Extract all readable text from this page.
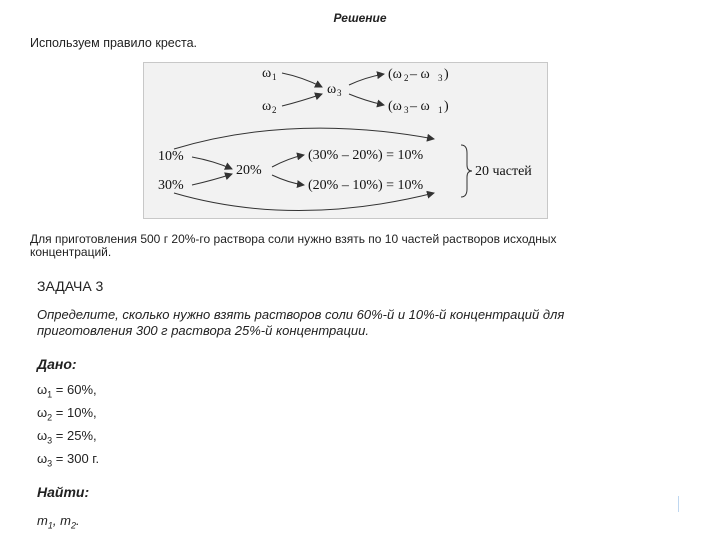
Решение
Используем правило креста.
ω 1
ω 2
ω 3
(ω 2 – ω 3 )
(ω 3 – ω 1 )
10%
30%
20%
(30% – 20%) = 10%
(20% – 10%) = 10%
20 частей
Для приготовления 500 г 20%-го раствора соли нужно взять по 10 частей растворов исходных концентраций.
ЗАДАЧА 3
Определите, сколько нужно взять растворов соли 60%-й и 10%-й концентраций для приготовления 300 г раствора 25%-й концентрации.
Дано:
$\omega_1 = 60\%$,
$\omega_2 = 10\%$,
$\omega_3 = 25\%$,
$\omega_3 = 300$ г.
Найти:
$m_1$, $m_2$.
